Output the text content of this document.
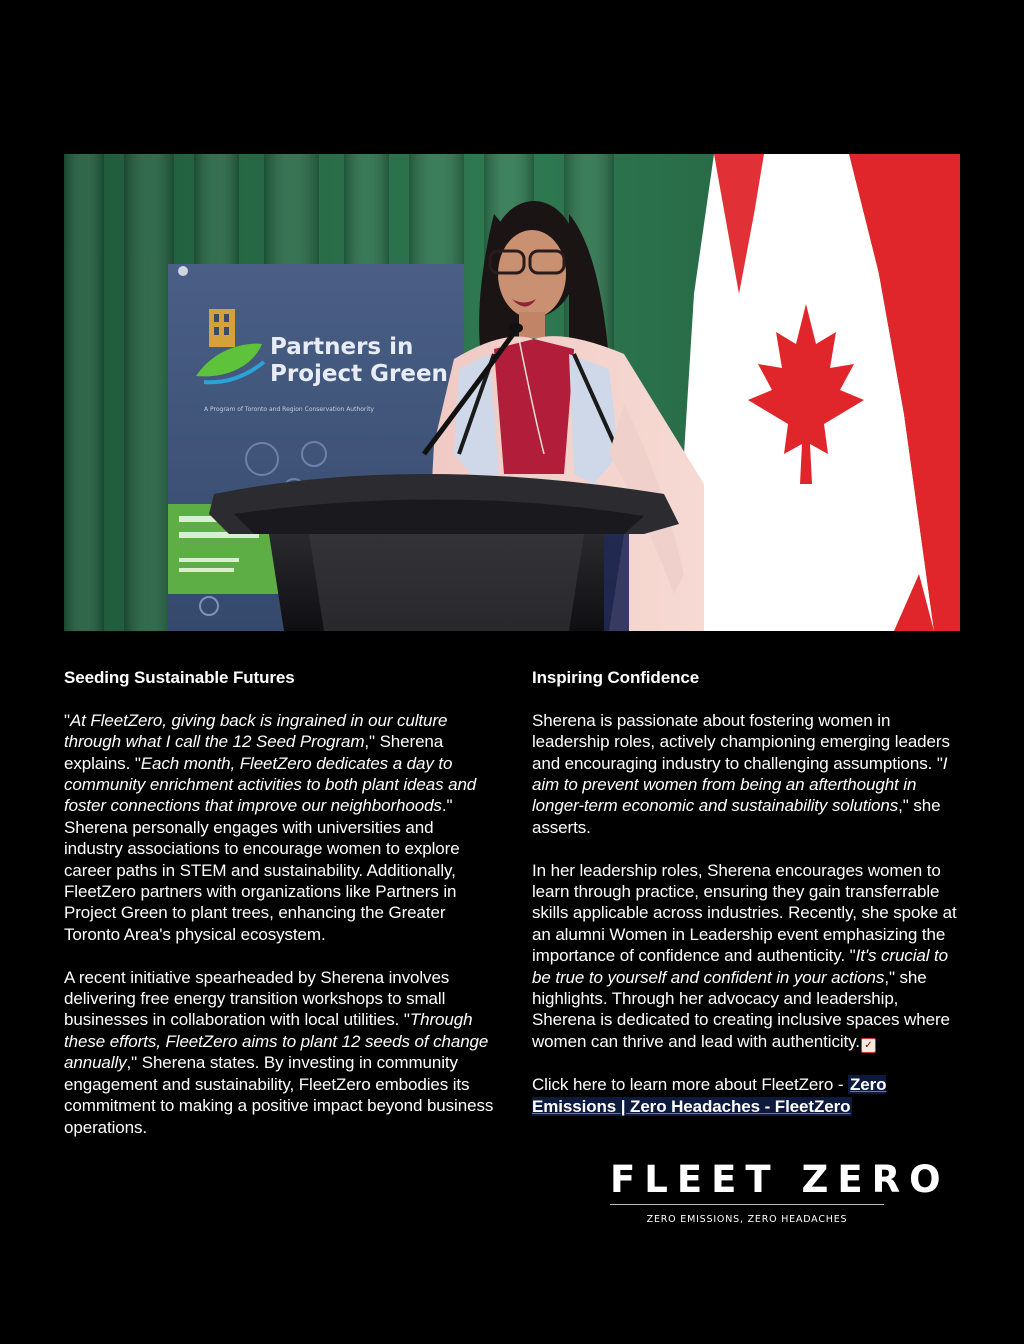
Partners in
Project Green
A Program of Toronto and Region Conservation Authority
Seeding Sustainable Futures

"At FleetZero, giving back is ingrained in our culture through what I call the 12 Seed Program," Sherena explains. "Each month, FleetZero dedicates a day to community enrichment activities to both plant ideas and foster connections that improve our neighborhoods." Sherena personally engages with universities and industry associations to encourage women to explore career paths in STEM and sustainability. Additionally, FleetZero partners with organizations like Partners in Project Green to plant trees, enhancing the Greater Toronto Area's physical ecosystem.

A recent initiative spearheaded by Sherena involves delivering free energy transition workshops to small businesses in collaboration with local utilities. "Through these efforts, FleetZero aims to plant 12 seeds of change annually," Sherena states. By investing in community engagement and sustainability, FleetZero embodies its commitment to making a positive impact beyond business operations.

Inspiring Confidence

Sherena is passionate about fostering women in leadership roles, actively championing emerging leaders and encouraging industry to challenging assumptions. "I aim to prevent women from being an afterthought in longer-term economic and sustainability solutions," she asserts.

In her leadership roles, Sherena encourages women to learn through practice, ensuring they gain transferrable skills applicable across industries. Recently, she spoke at an alumni Women in Leadership event emphasizing the importance of confidence and authenticity. "It's crucial to be true to yourself and confident in your actions," she highlights. Through her advocacy and leadership, Sherena is dedicated to creating inclusive spaces where women can thrive and lead with authenticity. ✓

Click here to learn more about FleetZero - Zero Emissions | Zero Headaches - FleetZero

FLEET ZERO
ZERO EMISSIONS, ZERO HEADACHES
